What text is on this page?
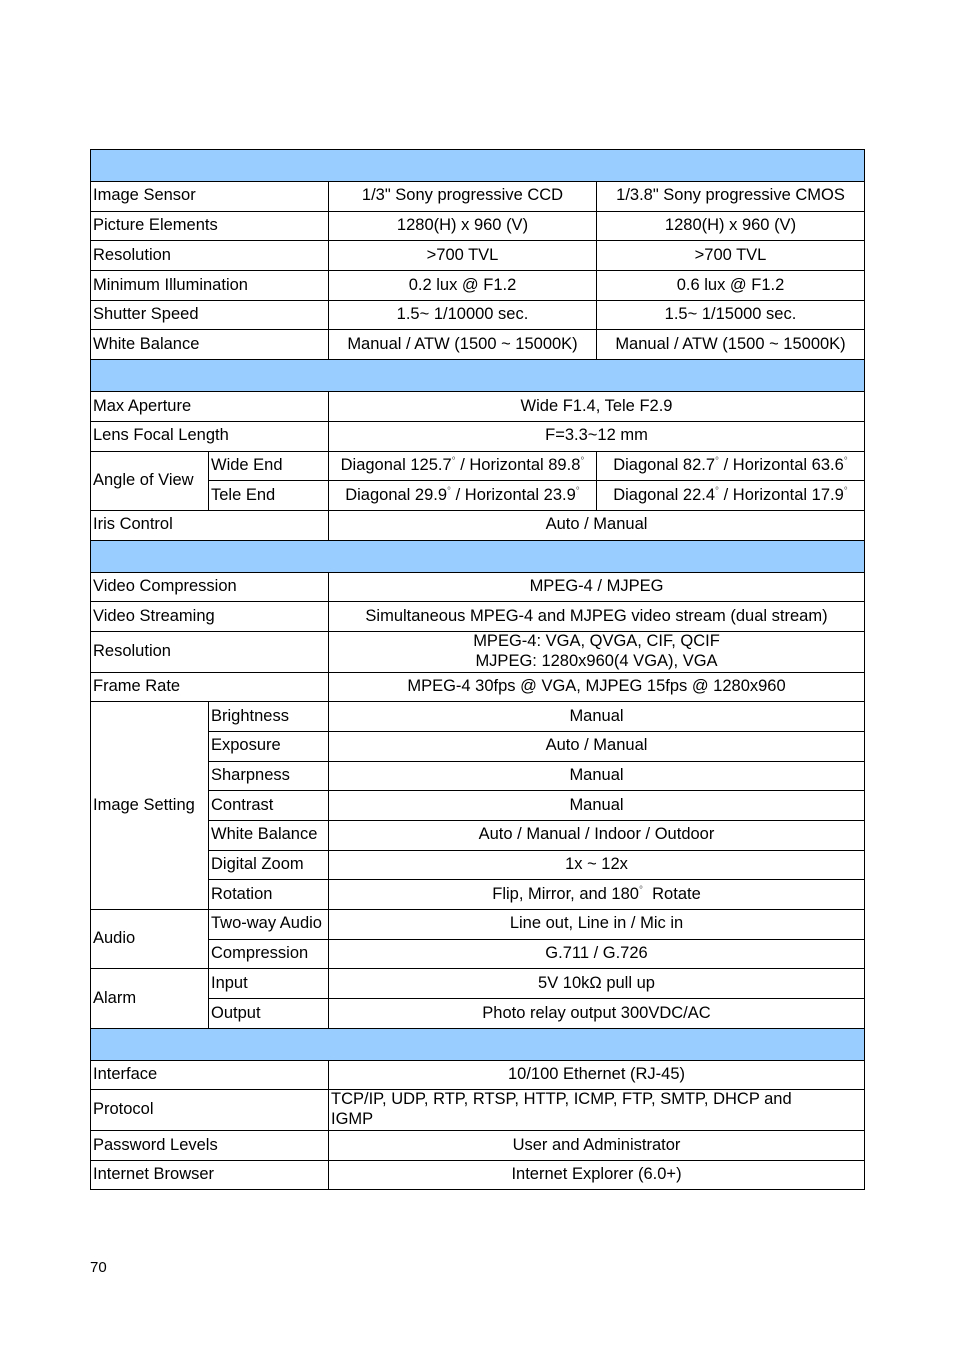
Image Sensor		1/3" Sony progressive CCD	1/3.8" Sony progressive CMOS
Picture Elements		1280(H) x 960 (V)	1280(H) x 960 (V)
Resolution		>700 TVL	>700 TVL
Minimum Illumination		0.2 lux @ F1.2	0.6 lux @ F1.2
Shutter Speed		1.5~ 1/10000 sec.	1.5~ 1/15000 sec.
White Balance		Manual / ATW (1500 ~ 15000K)	Manual / ATW (1500 ~ 15000K)

Max Aperture		Wide F1.4, Tele F2.9	
Lens Focal Length		F=3.3~12 mm	
Angle of View	Wide End	Diagonal 125.7° / Horizontal 89.8°	Diagonal 82.7° / Horizontal 63.6°
	Tele End	Diagonal 29.9° / Horizontal 23.9°	Diagonal 22.4° / Horizontal 17.9°
Iris Control		Auto / Manual	

Video Compression		MPEG-4 / MJPEG	
Video Streaming		Simultaneous MPEG-4 and MJPEG video stream (dual stream)	
Resolution		MPEG-4: VGA, QVGA, CIF, QCIF
MJPEG: 1280x960(4 VGA), VGA	

Frame Rate		MPEG-4 30fps @ VGA, MJPEG 15fps @ 1280x960	
Image Setting	Brightness	Manual	
	Exposure	Auto / Manual	
	Sharpness	Manual	
	Contrast	Manual	
	White Balance	Auto / Manual / Indoor / Outdoor	
	Digital Zoom	1x ~ 12x	
	Rotation	Flip, Mirror, and 180°  Rotate	
Audio	Two-way Audio	Line out, Line in / Mic in	
	Compression	G.711 / G.726	
Alarm	Input	5V 10kΩ pull up	
	Output	Photo relay output 300VDC/AC	

Interface		10/100 Ethernet (RJ-45)	
Protocol		TCP/IP, UDP, RTP, RTSP, HTTP, ICMP, FTP, SMTP, DHCP and
IGMP	

Password Levels		User and Administrator	
Internet Browser		Internet Explorer (6.0+)	
70
